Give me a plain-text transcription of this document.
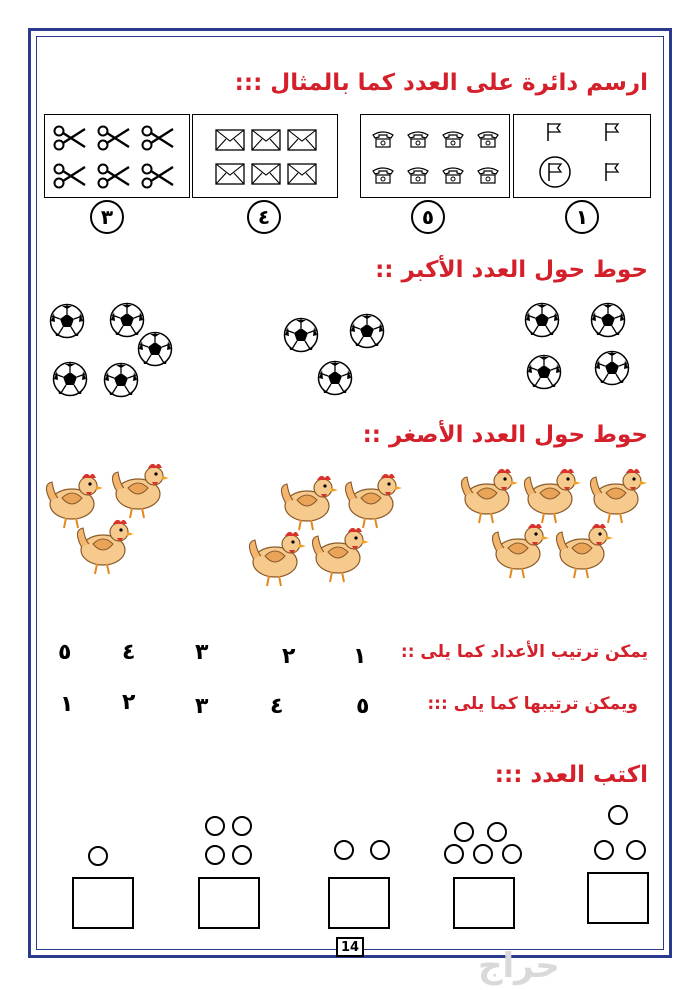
ارسم دائرة على العدد كما بالمثال :::
١
٥
٤
٣
حوط حول العدد الأكبر ::
حوط حول العدد الأصغر ::
يمكن ترتيب الأعداد كما يلى ::
١
٢
٣
٤
٥
ويمكن ترتيبها كما يلى :::
٥
٤
٣
٢
١
اكتب العدد :::
14	حراج
